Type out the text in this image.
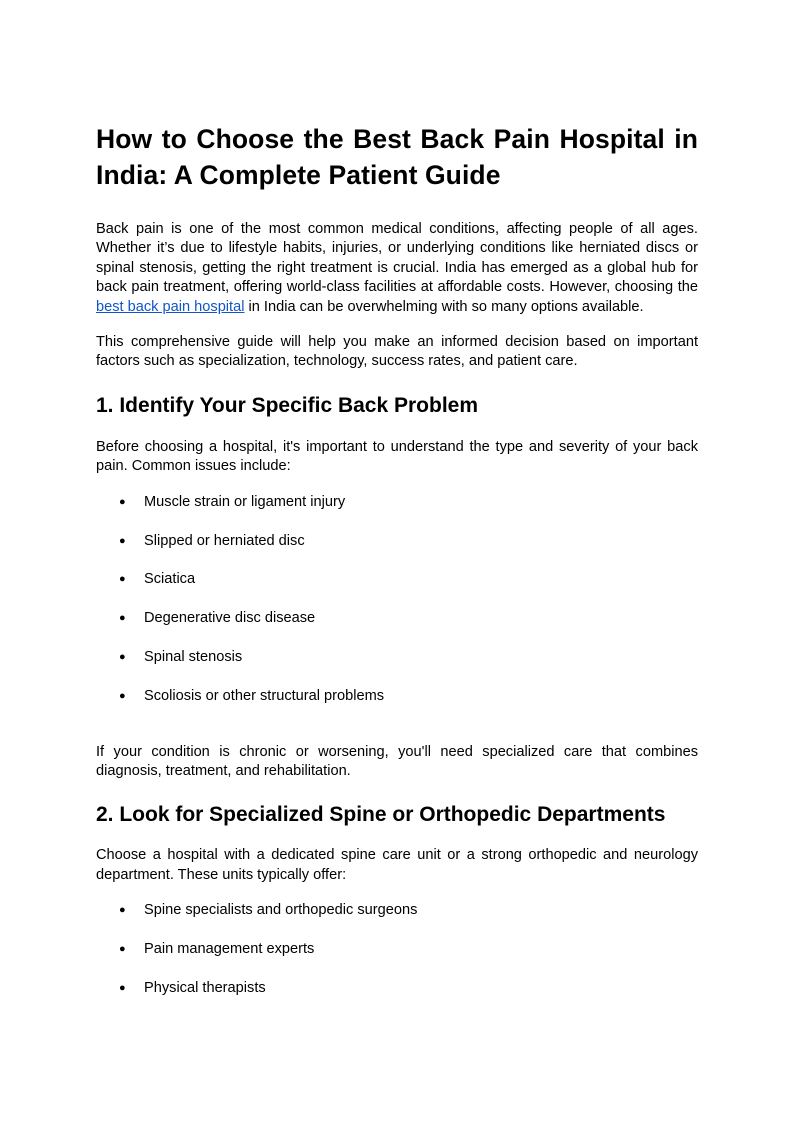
How to Choose the Best Back Pain Hospital in India: A Complete Patient Guide

Back pain is one of the most common medical conditions, affecting people of all ages. Whether it’s due to lifestyle habits, injuries, or underlying conditions like herniated discs or spinal stenosis, getting the right treatment is crucial. India has emerged as a global hub for back pain treatment, offering world-class facilities at affordable costs. However, choosing the best back pain hospital in India can be overwhelming with so many options available.

This comprehensive guide will help you make an informed decision based on important factors such as specialization, technology, success rates, and patient care.

1. Identify Your Specific Back Problem

Before choosing a hospital, it's important to understand the type and severity of your back pain. Common issues include:

● Muscle strain or ligament injury
● Slipped or herniated disc
● Sciatica
● Degenerative disc disease
● Spinal stenosis
● Scoliosis or other structural problems

If your condition is chronic or worsening, you'll need specialized care that combines diagnosis, treatment, and rehabilitation.

2. Look for Specialized Spine or Orthopedic Departments

Choose a hospital with a dedicated spine care unit or a strong orthopedic and neurology department. These units typically offer:

● Spine specialists and orthopedic surgeons
● Pain management experts
● Physical therapists
